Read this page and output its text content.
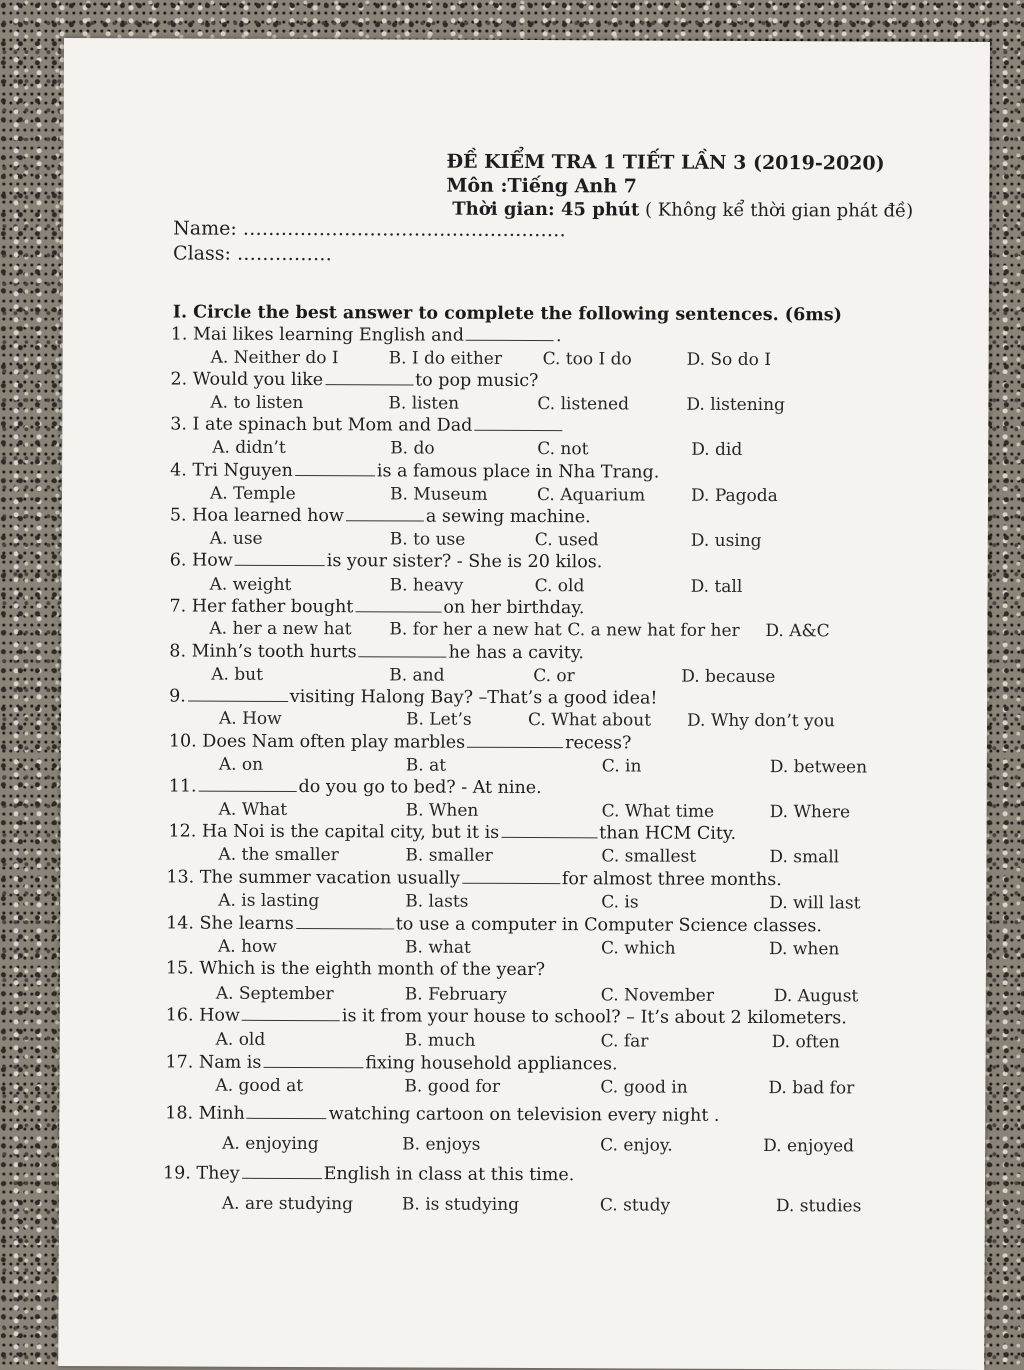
ĐỀ KIỂM TRA 1 TIẾT LẦN 3 (2019-2020)
Môn :Tiếng Anh 7
Thời gian: 45 phút ( Không kể thời gian phát đề)
Name: ……………………………………………
Class: ……………
I. Circle the best answer to complete the following sentences. (6ms)
1. Mai likes learning English and	.
A. Neither do I	B. I do either C. too I do	D. So do I
2. Would you like	to pop music?
A. to listen	B. listen	C. listened	D. listening
3. I ate spinach but Mom and Dad
A. didn’t	B. do	C. not	D. did
4. Tri Nguyen	is a famous place in Nha Trang.
A. Temple	B. Museum	C. Aquarium	D. Pagoda
5. Hoa learned how	a sewing machine.
A. use	B. to use	C. used	D. using
6. How	is your sister? - She is 20 kilos.
A. weight	B. heavy	C. old	D. tall
7. Her father bought	on her birthday.
A. her a new hat B. for her a new hat C. a new hat for her D. A&C
8. Minh’s tooth hurts	he has a cavity.
A. but	B. and	C. or	D. because
9.	visiting Halong Bay? –That’s a good idea!
A. How	B. Let’s	C. What about D. Why don’t you
10. Does Nam often play marbles	recess?
A. on	B. at	C. in	D. between
11.	do you go to bed? - At nine.
A. What	B. When	C. What time	D. Where
12. Ha Noi is the capital city, but it is	than HCM City.
A. the smaller	B. smaller	C. smallest	D. small
13. The summer vacation usually	for almost three months.
A. is lasting	B. lasts	C. is	D. will last
14. She learns	to use a computer in Computer Science classes.
A. how	B. what	C. which	D. when
15. Which is the eighth month of the year?
A. September	B. February	C. November	D. August
16. How	is it from your house to school? – It’s about 2 kilometers.
A. old	B. much	C. far	D. often
17. Nam is	fixing household appliances.
A. good at	B. good for	C. good in	D. bad for
18. Minh	watching cartoon on television every night .
A. enjoying	B. enjoys	C. enjoy.	D. enjoyed
19. They	English in class at this time.
A. are studying	B. is studying	C. study	D. studies
